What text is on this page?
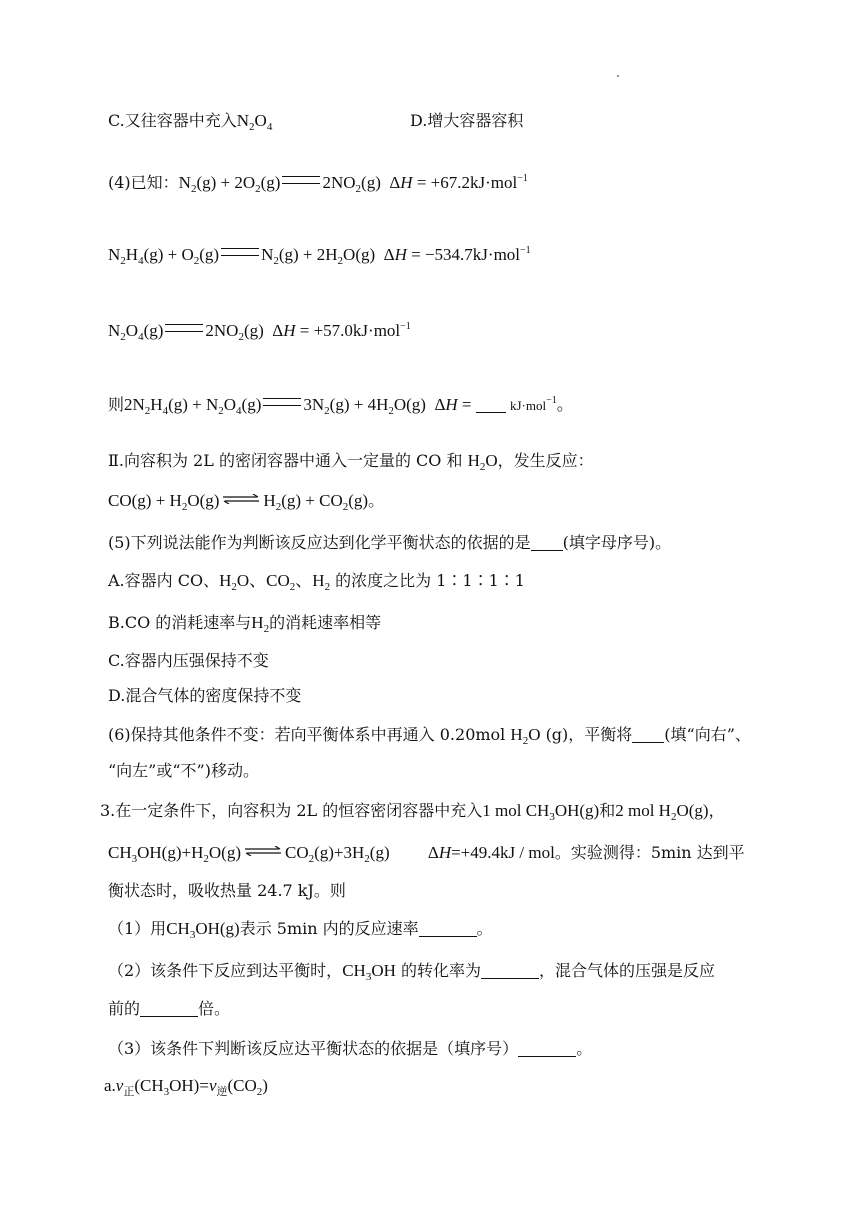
C.又往容器中充入$N_2O_4$	D.增大容器容积
(4)已知：$N_2(g) + 2O_2(g)$ $2NO_2(g) \Delta H = +67.2kJ\cdot mol^{-1}$
$N_2H_4(g) + O_2(g) N_2(g) + 2H_2O(g) \Delta H = -534.7kJ\cdot mol^{-1}$
$N_2O_4(g)$ $2NO_2(g) \Delta H = +57.0kJ\cdot mol^{-1}$
则$2N_2H_4(g) + N_2O_4(g) 3N_2(g) + 4H_2O(g) \Delta H$ =	kJ·mol$^{-1}$。
Ⅱ.向容积为 2L 的密闭容器中通入一定量的 CO 和 $H_2O$，发生反应：
$CO(g) + H_2O(g)$ ⇌ $H_2(g) + CO_2(g)$。
(5)下列说法能作为判断该反应达到化学平衡状态的依据的是 (填字母序号)。
A.容器内 CO、$H_2O$、$CO_2$、$H_2$ 的浓度之比为 1∶1∶1∶1
B.CO 的消耗速率与$H_2$的消耗速率相等
C.容器内压强保持不变
D.混合气体的密度保持不变
(6)保持其他条件不变：若向平衡体系中再通入 0.20mol $H_2O$ (g)，平衡将 (填“向右”、
“向左”或“不”)移动。
3.在一定条件下，向容积为 2L 的恒容密闭容器中充入1 mol $CH_3OH(g)$和2 mol $H_2O(g)$，
$CH_3OH(g)+H_2O(g)$ ⇌ $CO_2(g)+3H_2(g)$         ΔH=+49.4kJ / mol。实验测得：5min 达到平
衡状态时，吸收热量 24.7 kJ。则
（1）用$CH_3OH(g)$表示 5min 内的反应速率	。
（2）该条件下反应到达平衡时，$CH_3OH$ 的转化率为	，混合气体的压强是反应
前的	倍。
（3）该条件下判断该反应达平衡状态的依据是（填序号）	。
$a.v_正(CH_3OH)=v_逆(CO_2)$
